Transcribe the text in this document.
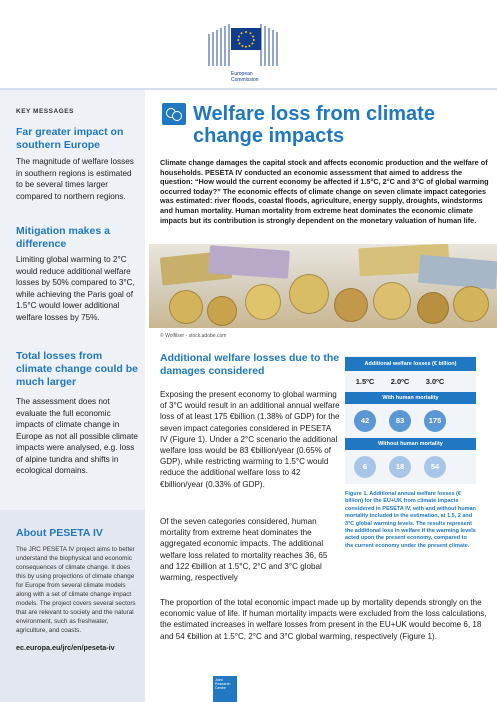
European
Commission
KEY MESSAGES
Far greater impact on southern Europe
The magnitude of welfare losses in southern regions is estimated to be several times larger compared to northern regions.
Mitigation makes a difference
Limiting global warming to 2°C would reduce additional welfare losses by 50% compared to 3°C, while achieving the Paris goal of 1.5°C would lower additional welfare losses by 75%.
Total losses from climate change could be much larger
The assessment does not evaluate the full economic impacts of climate change in Europe as not all possible climate impacts were analysed, e.g. loss of alpine tundra and shifts in ecological domains.
About PESETA IV
The JRC PESETA IV project aims to better understand the biophysical and economic consequences of climate change. It does this by using projections of climate change for Europe from several climate models along with a set of climate change impact models. The project covers several sectors that are relevant to society and the natural environment, such as freshwater, agriculture, and coasts.
ec.europa.eu/jrc/en/peseta-iv
Welfare loss from climate change impacts
Climate change damages the capital stock and affects economic production and the welfare of households. PESETA IV conducted an economic assessment that aimed to address the question: “How would the current economy be affected if 1.5°C, 2°C and 3°C of global warming occurred today?” The economic effects of climate change on seven climate impact categories was estimated: river floods, coastal floods, agriculture, energy supply, droughts, windstorms and human mortality. Human mortality from extreme heat dominates the economic climate impacts but its contribution is strongly dependent on the monetary valuation of human life.
© Wolfilser - stock.adobe.com
Additional welfare losses due to the damages considered
Exposing the present economy to global warming of 3°C would result in an additional annual welfare loss of at least 175 €billion (1.38% of GDP) for the seven impact categories considered in PESETA IV (Figure 1). Under a 2°C scenario the additional welfare loss would be 83 €billion/year (0.65% of GDP), while restricting warming to 1.5°C would reduce the additional welfare loss to 42 €billion/year (0.33% of GDP).
Of the seven categories considered, human mortality from extreme heat dominates the aggregated economic impacts. The additional welfare loss related to mortality reaches 36, 65 and 122 €billion at 1.5°C, 2°C and 3°C global warming, respectively
The proportion of the total economic impact made up by mortality depends strongly on the economic value of life. If human mortality impacts were excluded from the loss calculations, the estimated increases in welfare losses from present in the EU+UK would become 6, 18 and 54 €billion at 1.5°C, 2°C and 3°C global warming, respectively (Figure 1).
Additional welfare losses (€ billion)
1.5ºC	2.0ºC	3.0ºC
With human mortality
42	83	175
Without human mortality
6	18	54
Figure 1. Additional annual welfare losses (€ billion) for the EU+UK from climate impacts considered in PESETA IV, with and without human mortality included in the estimation, at 1.5, 2 and 3°C global warming levels. The results represent the additional loss in welfare if the warming levels acted upon the present economy, compared to the current economy under the present climate.
Joint Research Centre
